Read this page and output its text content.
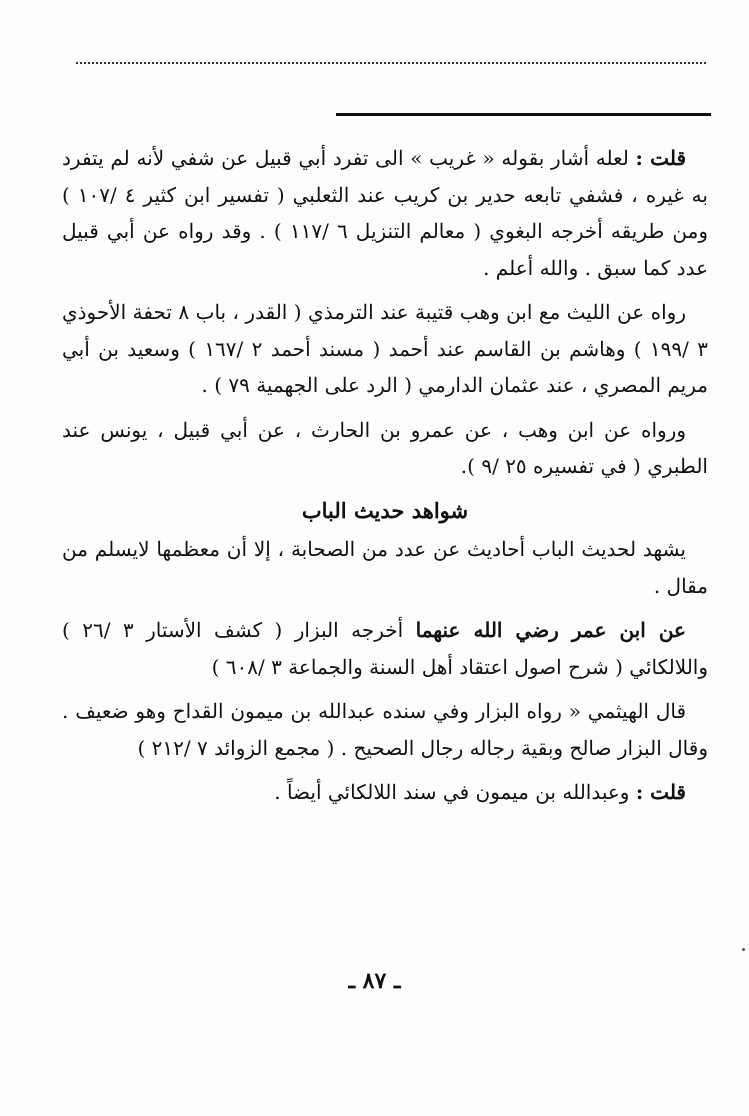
قلت : لعله أشار بقوله « غريب » الى تفرد أبي قبيل عن شفي لأنه لم يتفرد به غيره ، فشفي تابعه حدير بن كريب عند الثعلبي ( تفسير ابن كثير ٤ /١٠٧ ) ومن طريقه أخرجه البغوي ( معالم التنزيل ٦ /١١٧ ) . وقد رواه عن أبي قبيل عدد كما سبق . والله أعلم .

رواه عن الليث مع ابن وهب قتيبة عند الترمذي ( القدر ، باب ٨ تحفة الأحوذي ٣ /١٩٩ ) وهاشم بن القاسم عند أحمد ( مسند أحمد ٢ /١٦٧ ) وسعيد بن أبي مريم المصري ، عند عثمان الدارمي ( الرد على الجهمية ٧٩ ) .

ورواه عن ابن وهب ، عن عمرو بن الحارث ، عن أبي قبيل ، يونس عند الطبري ( في تفسيره ٢٥ /٩ ).

شواهد حديث الباب

يشهد لحديث الباب أحاديث عن عدد من الصحابة ، إلا أن معظمها لايسلم من مقال .

عن ابن عمر رضي الله عنهما أخرجه البزار ( كشف الأستار ٣ /٢٦ ) واللالكائي ( شرح اصول اعتقاد أهل السنة والجماعة ٣ /٦٠٨ )

قال الهيثمي « رواه البزار وفي سنده عبدالله بن ميمون القداح وهو ضعيف . وقال البزار صالح وبقية رجاله رجال الصحيح . ( مجمع الزوائد ٧ /٢١٢ )

قلت : وعبدالله بن ميمون في سند اللالكائي أيضاً .

ـ ٨٧ ـ
